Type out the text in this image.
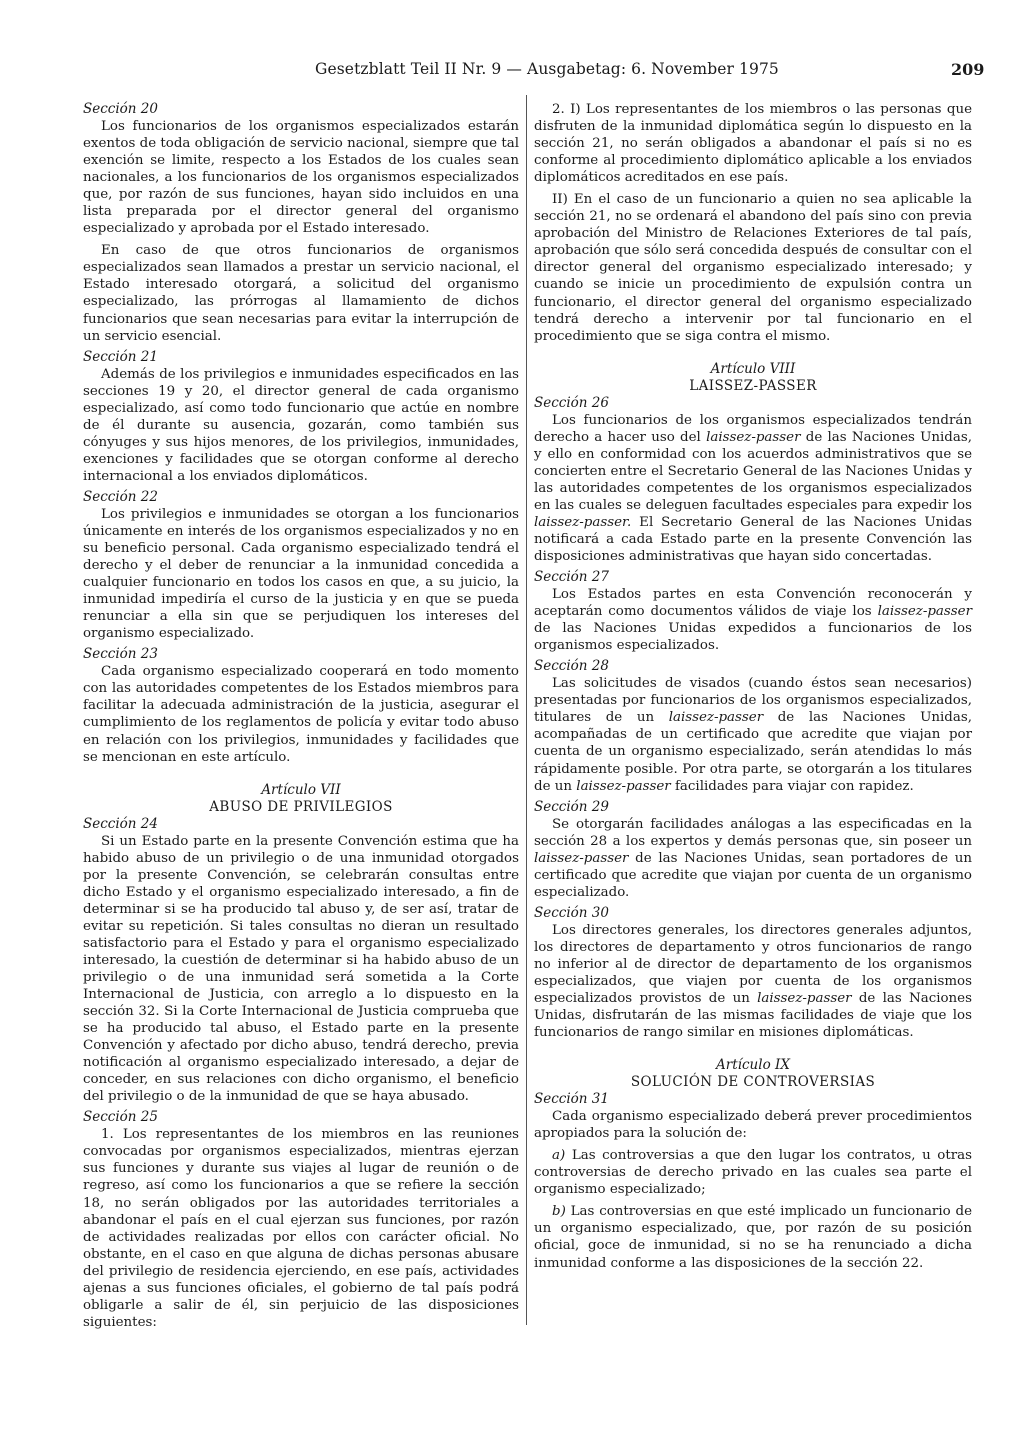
Gesetzblatt Teil II Nr. 9 — Ausgabetag: 6. November 1975	209
Sección 20

Los funcionarios de los organismos especializados estarán exentos de toda obligación de servicio nacional, siempre que tal exención se limite, respecto a los Estados de los cuales sean nacionales, a los funcionarios de los organismos especializados que, por razón de sus funciones, hayan sido incluidos en una lista preparada por el director general del organismo especializado y aprobada por el Estado interesado.

En caso de que otros funcionarios de organismos especializados sean llamados a prestar un servicio nacional, el Estado interesado otorgará, a solicitud del organismo especializado, las prórrogas al llamamiento de dichos funcionarios que sean necesarias para evitar la interrupción de un servicio esencial.

Sección 21

Además de los privilegios e inmunidades especificados en las secciones 19 y 20, el director general de cada organismo especializado, así como todo funcionario que actúe en nombre de él durante su ausencia, gozarán, como también sus cónyuges y sus hijos menores, de los privilegios, inmunidades, exenciones y facilidades que se otorgan conforme al derecho internacional a los enviados diplomáticos.

Sección 22

Los privilegios e inmunidades se otorgan a los funcionarios únicamente en interés de los organismos especializados y no en su beneficio personal. Cada organismo especializado tendrá el derecho y el deber de renunciar a la inmunidad concedida a cualquier funcionario en todos los casos en que, a su juicio, la inmunidad impediría el curso de la justicia y en que se pueda renunciar a ella sin que se perjudiquen los intereses del organismo especializado.

Sección 23

Cada organismo especializado cooperará en todo momento con las autoridades competentes de los Estados miembros para facilitar la adecuada administración de la justicia, asegurar el cumplimiento de los reglamentos de policía y evitar todo abuso en relación con los privilegios, inmunidades y facilidades que se mencionan en este artículo.

Artículo VII
ABUSO DE PRIVILEGIOS
Sección 24

Si un Estado parte en la presente Convención estima que ha habido abuso de un privilegio o de una inmunidad otorgados por la presente Convención, se celebrarán consultas entre dicho Estado y el organismo especializado interesado, a fin de determinar si se ha producido tal abuso y, de ser así, tratar de evitar su repetición. Si tales consultas no dieran un resultado satisfactorio para el Estado y para el organismo especializado interesado, la cuestión de determinar si ha habido abuso de un privilegio o de una inmunidad será sometida a la Corte Internacional de Justicia, con arreglo a lo dispuesto en la sección 32. Si la Corte Internacional de Justicia comprueba que se ha producido tal abuso, el Estado parte en la presente Convención y afectado por dicho abuso, tendrá derecho, previa notificación al organismo especializado interesado, a dejar de conceder, en sus relaciones con dicho organismo, el beneficio del privilegio o de la inmunidad de que se haya abusado.

Sección 25

1. Los representantes de los miembros en las reuniones convocadas por organismos especializados, mientras ejerzan sus funciones y durante sus viajes al lugar de reunión o de regreso, así como los funcionarios a que se refiere la sección 18, no serán obligados por las autoridades territoriales a abandonar el país en el cual ejerzan sus funciones, por razón de actividades realizadas por ellos con carácter oficial. No obstante, en el caso en que alguna de dichas personas abusare del privilegio de residencia ejerciendo, en ese país, actividades ajenas a sus funciones oficiales, el gobierno de tal país podrá obligarle a salir de él, sin perjuicio de las disposiciones siguientes:

2. I) Los representantes de los miembros o las personas que disfruten de la inmunidad diplomática según lo dispuesto en la sección 21, no serán obligados a abandonar el país si no es conforme al procedimiento diplomático aplicable a los enviados diplomáticos acreditados en ese país.

II) En el caso de un funcionario a quien no sea aplicable la sección 21, no se ordenará el abandono del país sino con previa aprobación del Ministro de Relaciones Exteriores de tal país, aprobación que sólo será concedida después de consultar con el director general del organismo especializado interesado; y cuando se inicie un procedimiento de expulsión contra un funcionario, el director general del organismo especializado tendrá derecho a intervenir por tal funcionario en el procedimiento que se siga contra el mismo.

Artículo VIII
LAISSEZ-PASSER
Sección 26

Los funcionarios de los organismos especializados tendrán derecho a hacer uso del laissez-passer de las Naciones Unidas, y ello en conformidad con los acuerdos administrativos que se concierten entre el Secretario General de las Naciones Unidas y las autoridades competentes de los organismos especializados en las cuales se deleguen facultades especiales para expedir los laissez-passer. El Secretario General de las Naciones Unidas notificará a cada Estado parte en la presente Convención las disposiciones administrativas que hayan sido concertadas.

Sección 27

Los Estados partes en esta Convención reconocerán y aceptarán como documentos válidos de viaje los laissez-passer de las Naciones Unidas expedidos a funcionarios de los organismos especializados.

Sección 28

Las solicitudes de visados (cuando éstos sean necesarios) presentadas por funcionarios de los organismos especializados, titulares de un laissez-passer de las Naciones Unidas, acompañadas de un certificado que acredite que viajan por cuenta de un organismo especializado, serán atendidas lo más rápidamente posible. Por otra parte, se otorgarán a los titulares de un laissez-passer facilidades para viajar con rapidez.

Sección 29

Se otorgarán facilidades análogas a las especificadas en la sección 28 a los expertos y demás personas que, sin poseer un laissez-passer de las Naciones Unidas, sean portadores de un certificado que acredite que viajan por cuenta de un organismo especializado.

Sección 30

Los directores generales, los directores generales adjuntos, los directores de departamento y otros funcionarios de rango no inferior al de director de departamento de los organismos especializados, que viajen por cuenta de los organismos especializados provistos de un laissez-passer de las Naciones Unidas, disfrutarán de las mismas facilidades de viaje que los funcionarios de rango similar en misiones diplomáticas.

Artículo IX
SOLUCIÓN DE CONTROVERSIAS
Sección 31

Cada organismo especializado deberá prever procedimientos apropiados para la solución de:

a) Las controversias a que den lugar los contratos, u otras controversias de derecho privado en las cuales sea parte el organismo especializado;

b) Las controversias en que esté implicado un funcionario de un organismo especializado, que, por razón de su posición oficial, goce de inmunidad, si no se ha renunciado a dicha inmunidad conforme a las disposiciones de la sección 22.
